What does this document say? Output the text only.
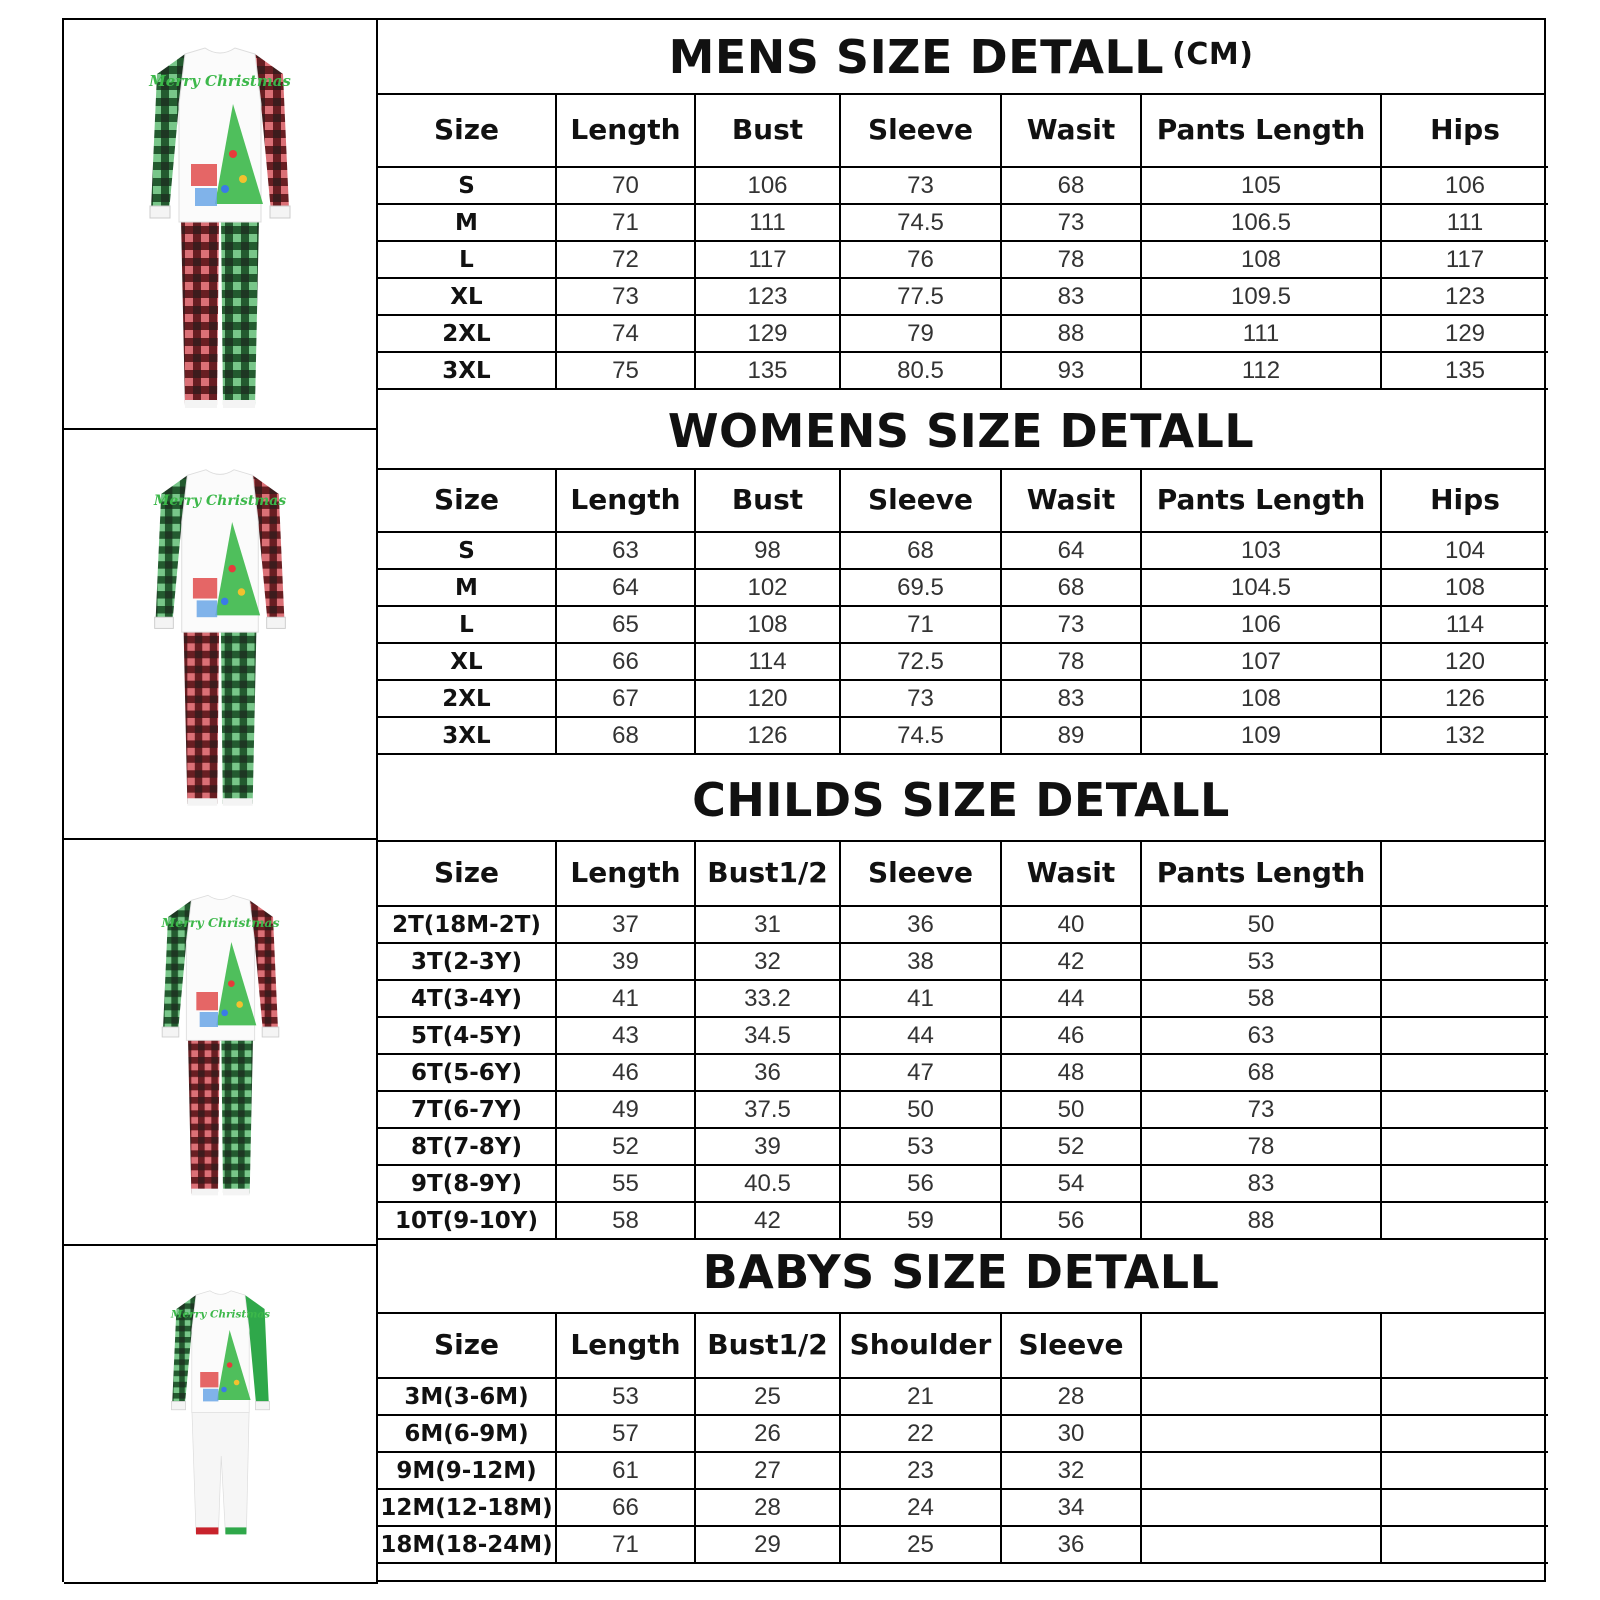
Merry Christmas
Merry Christmas
Merry Christmas
Merry Christmas
MENS SIZE DETALL (CM)
Size	Length	Bust	Sleeve	Wasit	Pants Length	Hips
S	70	106	73	68	105	106
M	71	111	74.5	73	106.5	111
L	72	117	76	78	108	117
XL	73	123	77.5	83	109.5	123
2XL	74	129	79	88	111	129
3XL	75	135	80.5	93	112	135
WOMENS SIZE DETALL
Size	Length	Bust	Sleeve	Wasit	Pants Length	Hips
S	63	98	68	64	103	104
M	64	102	69.5	68	104.5	108
L	65	108	71	73	106	114
XL	66	114	72.5	78	107	120
2XL	67	120	73	83	108	126
3XL	68	126	74.5	89	109	132
CHILDS SIZE DETALL
Size	Length	Bust1/2	Sleeve	Wasit	Pants Length	
2T(18M-2T)	37	31	36	40	50	
3T(2-3Y)	39	32	38	42	53	
4T(3-4Y)	41	33.2	41	44	58	
5T(4-5Y)	43	34.5	44	46	63	
6T(5-6Y)	46	36	47	48	68	
7T(6-7Y)	49	37.5	50	50	73	
8T(7-8Y)	52	39	53	52	78	
9T(8-9Y)	55	40.5	56	54	83	
10T(9-10Y)	58	42	59	56	88	
BABYS SIZE DETALL
Size	Length	Bust1/2	Shoulder	Sleeve		
3M(3-6M)	53	25	21	28		
6M(6-9M)	57	26	22	30		
9M(9-12M)	61	27	23	32		
12M(12-18M)	66	28	24	34		
18M(18-24M)	71	29	25	36		
